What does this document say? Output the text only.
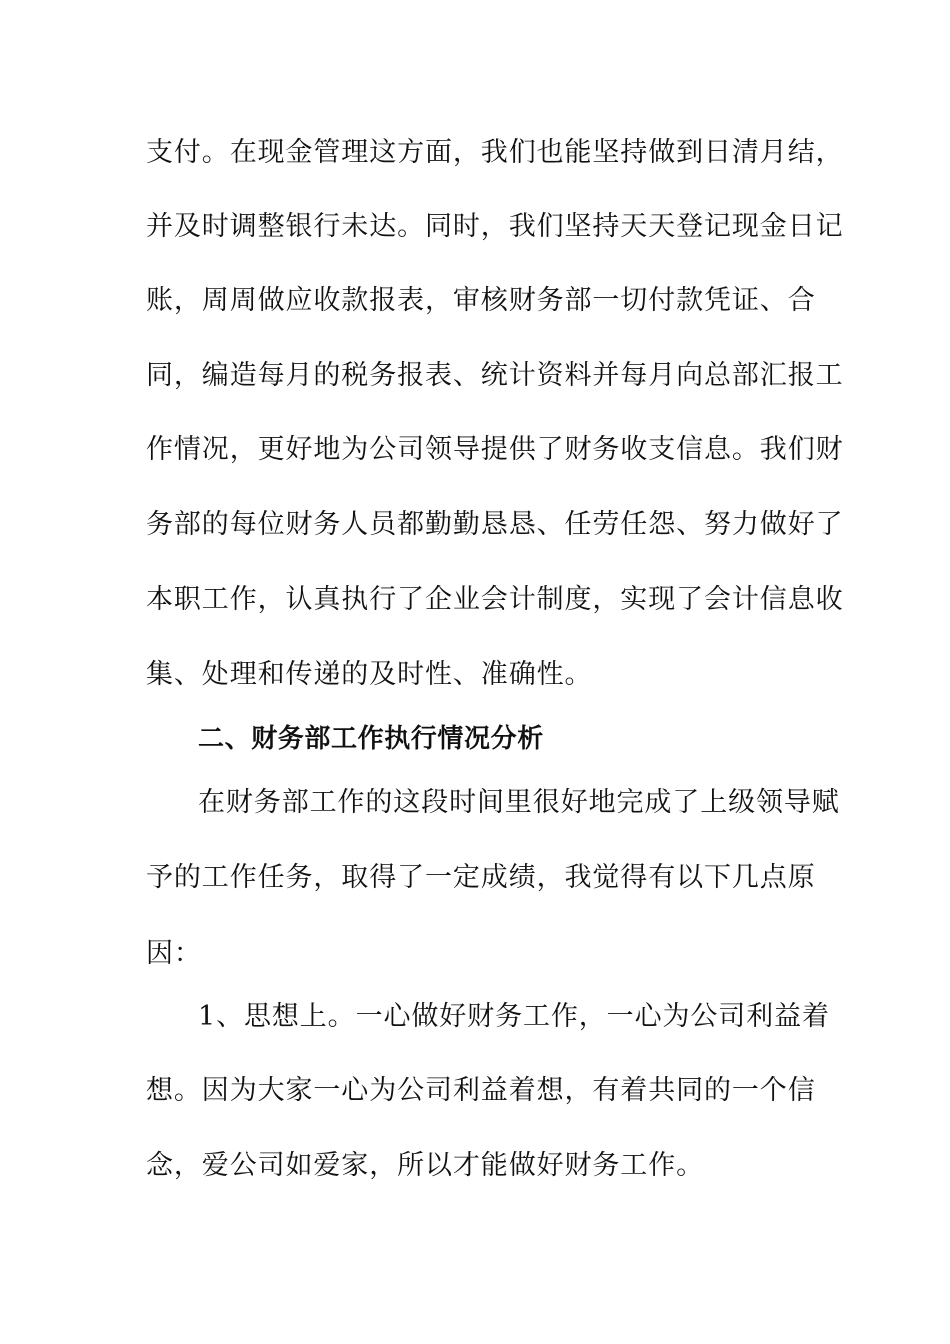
支付。在现金管理这方面，我们也能坚持做到日清月结，
并及时调整银行未达。同时，我们坚持天天登记现金日记
账，周周做应收款报表，审核财务部一切付款凭证、合
同，编造每月的税务报表、统计资料并每月向总部汇报工
作情况，更好地为公司领导提供了财务收支信息。我们财
务部的每位财务人员都勤勤恳恳、任劳任怨、努力做好了
本职工作，认真执行了企业会计制度，实现了会计信息收
集、处理和传递的及时性、准确性。
二、财务部工作执行情况分析
在财务部工作的这段时间里很好地完成了上级领导赋
予的工作任务，取得了一定成绩，我觉得有以下几点原
因：
1、思想上。一心做好财务工作，一心为公司利益着
想。因为大家一心为公司利益着想，有着共同的一个信
念，爱公司如爱家，所以才能做好财务工作。
